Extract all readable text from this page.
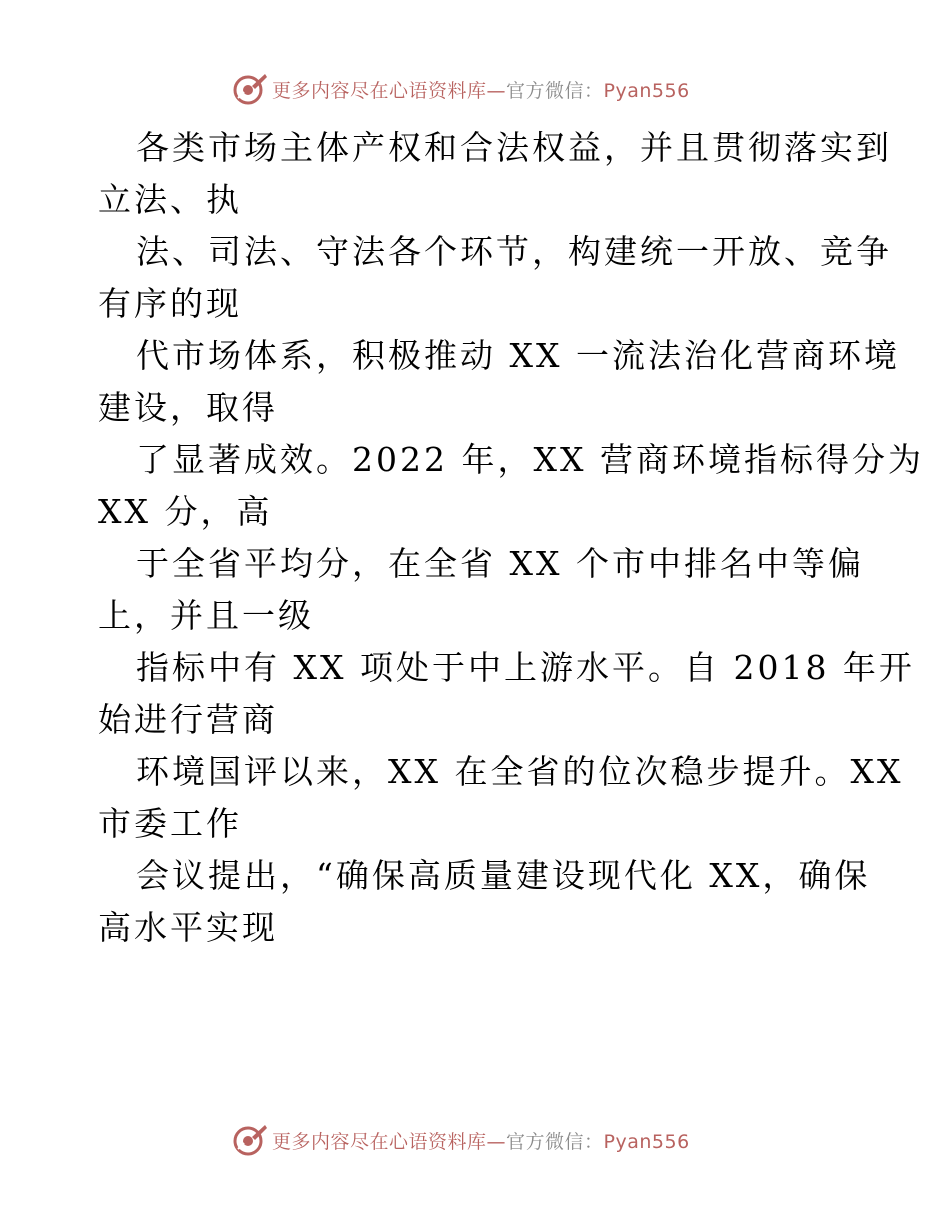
更多内容尽在心语资料库—官方微信：Pyan556

各类市场主体产权和合法权益，并且贯彻落实到
立法、执

法、司法、守法各个环节，构建统一开放、竞争
有序的现

代市场体系，积极推动 XX 一流法治化营商环境
建设，取得

了显著成效。2022 年，XX 营商环境指标得分为
XX 分，高

于全省平均分，在全省 XX 个市中排名中等偏
上，并且一级

指标中有 XX 项处于中上游水平。自 2018 年开
始进行营商

环境国评以来，XX 在全省的位次稳步提升。XX
市委工作

会议提出，“确保高质量建设现代化 XX，确保
高水平实现

更多内容尽在心语资料库—官方微信：Pyan556
